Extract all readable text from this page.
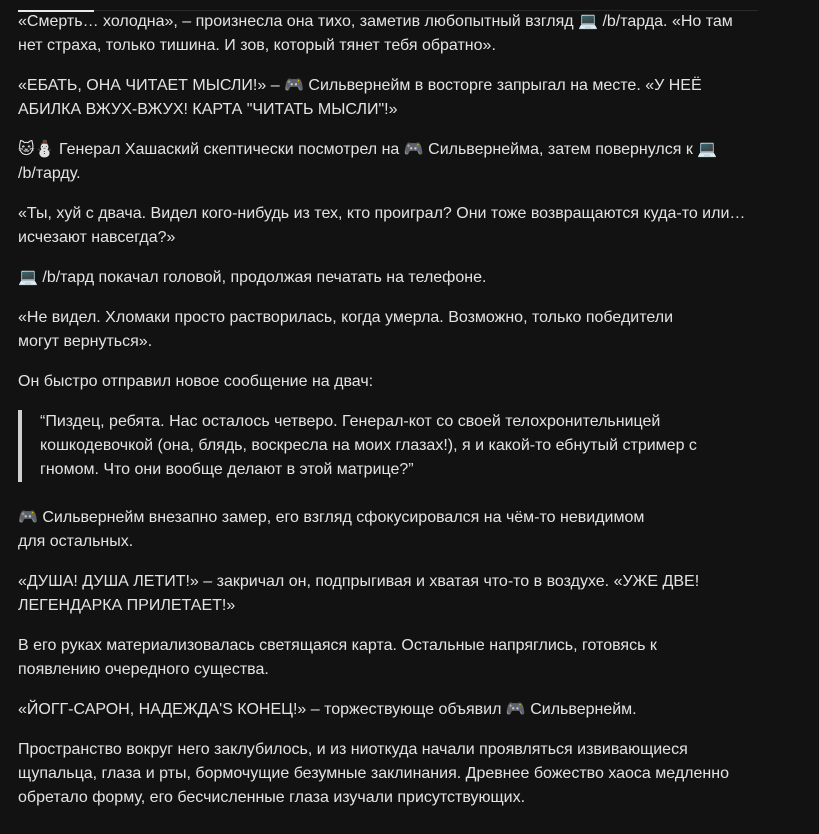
«Смерть… холодна», – произнесла она тихо, заметив любопытный взгляд 💻 /b/тарда. «Но там
нет страха, только тишина. И зов, который тянет тебя обратно».

«ЕБАТЬ, ОНА ЧИТАЕТ МЫСЛИ!» – 🎮 Сильвернейм в восторге запрыгал на месте. «У НЕЁ
АБИЛКА ВЖУХ-ВЖУХ! КАРТА "ЧИТАТЬ МЫСЛИ"!»

🐱⛄ Генерал Хашаский скептически посмотрел на 🎮 Сильвернейма, затем повернулся к 💻
/b/тарду.

«Ты, хуй с двача. Видел кого-нибудь из тех, кто проиграл? Они тоже возвращаются куда-то или…
исчезают навсегда?»

💻 /b/тард покачал головой, продолжая печатать на телефоне.

«Не видел. Хломаки просто растворилась, когда умерла. Возможно, только победители
могут вернуться».

Он быстро отправил новое сообщение на двач:

“Пиздец, ребята. Нас осталось четверо. Генерал-кот со своей телохронительницей
кошкодевочкой (она, блядь, воскресла на моих глазах!), я и какой-то ебнутый стример с
гномом. Что они вообще делают в этой матрице?”

🎮 Сильвернейм внезапно замер, его взгляд сфокусировался на чём-то невидимом
для остальных.

«ДУША! ДУША ЛЕТИТ!» – закричал он, подпрыгивая и хватая что-то в воздухе. «УЖЕ ДВЕ!
ЛЕГЕНДАРКА ПРИЛЕТАЕТ!»

В его руках материализовалась светящаяся карта. Остальные напряглись, готовясь к
появлению очередного существа.

«ЙОГГ-САРОН, НАДЕЖДА'S КОНЕЦ!» – торжествующе объявил 🎮 Сильвернейм.

Пространство вокруг него заклубилось, и из ниоткуда начали проявляться извивающиеся
щупальца, глаза и рты, бормочущие безумные заклинания. Древнее божество хаоса медленно
обретало форму, его бесчисленные глаза изучали присутствующих.
